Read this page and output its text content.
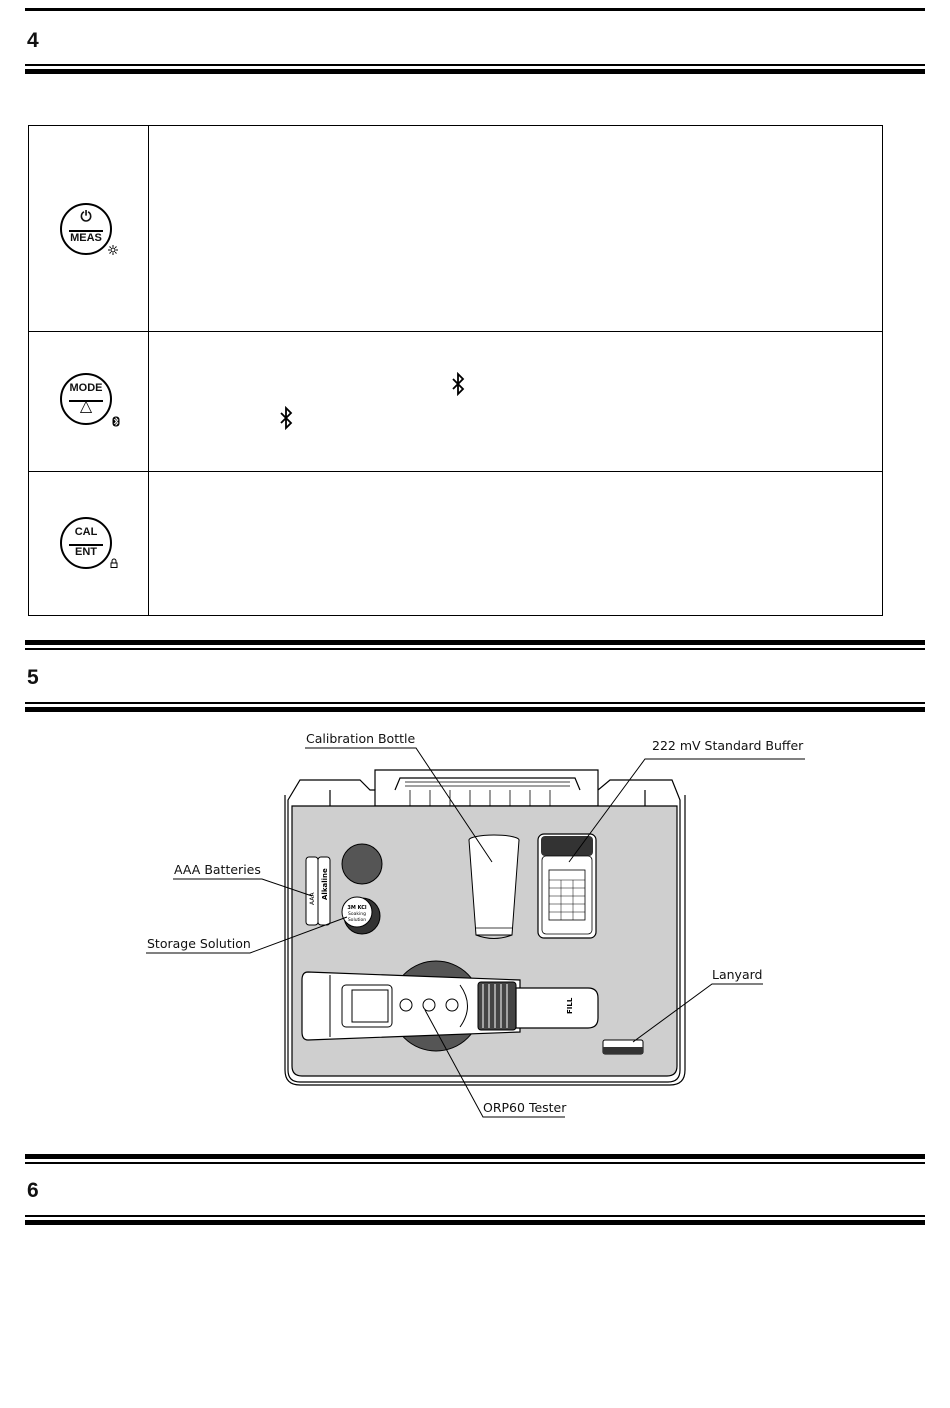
4
⏻
MEAS
MODE
△
CAL
ENT
5
AAA Alkaline
3M KCl
Soaking
Solution
FILL
Calibration Bottle	222 mV Standard Buffer
AAA Batteries
Storage Solution
Lanyard
ORP60 Tester
6
